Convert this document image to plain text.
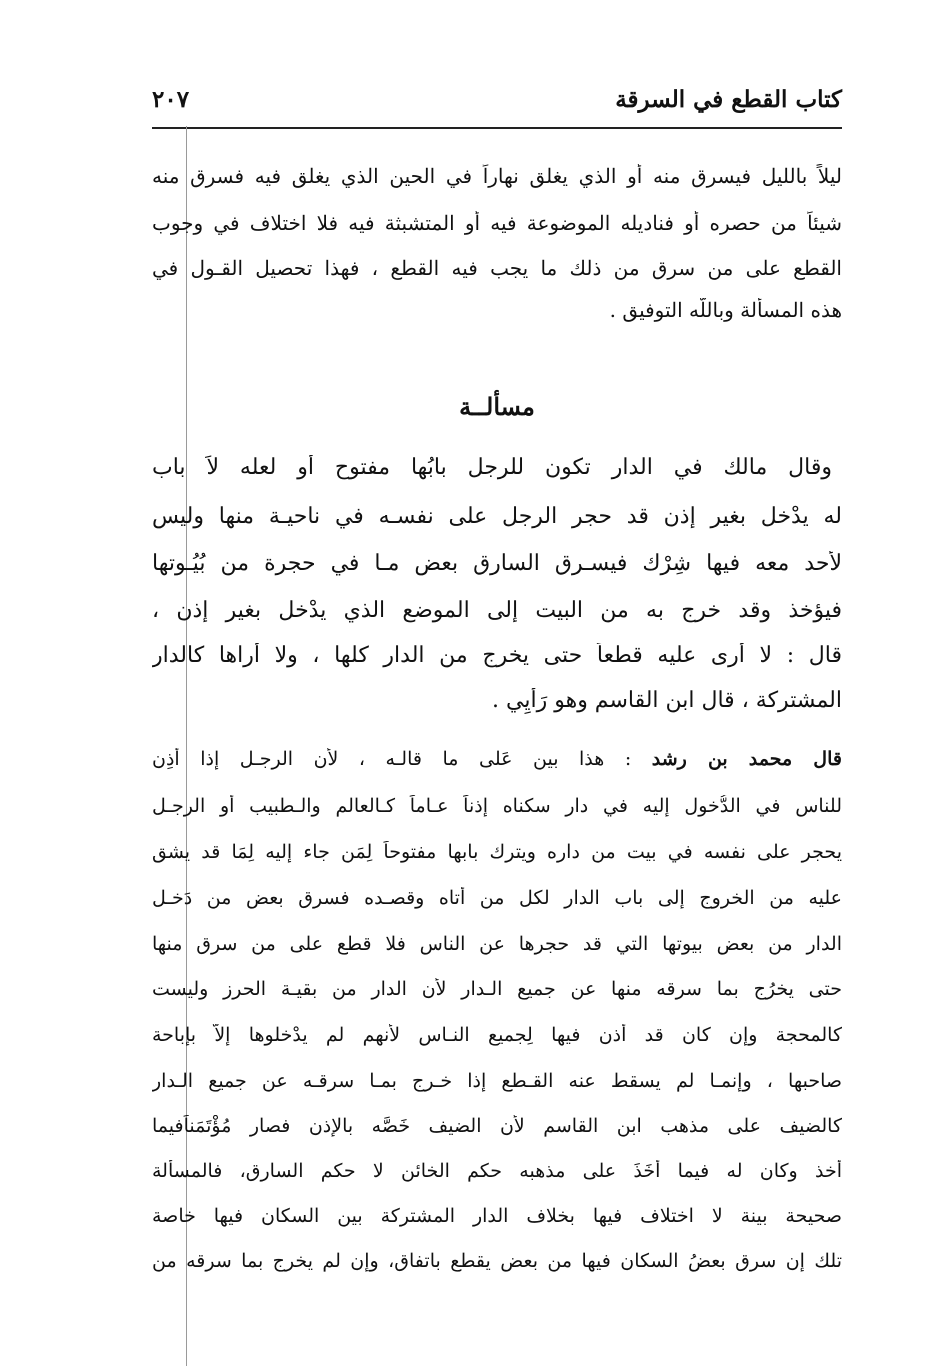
كتاب القطع في السرقة
٢٠٧
ليلاً بالليل فيسرق منه أو الذي يغلق نهاراً في الحين الذي يغلق فيه فسرق منه
شيئاً من حصره أو فناديله الموضوعة فيه أو المتشبثة فيه فلا اختلاف في وجوب
القطع على من سرق من ذلك ما يجب فيه القطع ، فهذا تحصيل القـول في
هذه المسألة وباللّه التوفيق .
مسألــة
وقال مالك في الدار تكون للرجل بابُها مفتوح أو لعله لاَ باب
له يدْخل بغير إذن قد حجر الرجل على نفسـه في ناحيـة منها وليس
لأحد معه فيها شِرْك فيسـرق السارق بعض مـا في حجرة من بُيُـوتها
فيؤخذ وقد خرج به من البيت إلى الموضع الذي يدْخل بغير إذن ،
قال : لا أرى عليه قطعاً حتى يخرج من الدار كلها ، ولا أراها كالدار
المشتركة ، قال ابن القاسم وهو رَأْيِي .
قال محمد بن رشد : هذا بين عَلى ما قالـه ، لأن الرجـل إذا أذِن
للناس في الدُّخول إليه في دار سكناه إذناً عـاماً كـالعالم والـطبيب أو الرجـل
يحجر على نفسه في بيت من داره ويترك بابها مفتوحاً لِمَن جاء إليه لِمَا قد يشق
عليه من الخروج إلى باب الدار لكل من أتاه وقصـده فسرق بعض من دَخـل
الدار من بعض بيوتها التي قد حجرها عن الناس فلا قطع على من سرق منها
حتى يخرُج بما سرقه منها عن جميع الـدار لأن الدار من بقيـة الحرز وليست
كالمحجة وإن كان قد أذن فيها لِجميع النـاس لأنهم لم يدْخلوها إلاّ بإباحة
صاحبها ، وإنمـا لم يسقط عنه القـطع إذا خـرج بمـا سرقـه عن جميع الـدار
كالضيف على مذهب ابن القاسم لأن الضيف خَصَّه بالإذن فصار مُؤْتَمَناًفيما
أخذ وكان له فيما أَخَذَ على مذهبه حكم الخائن لا حكم السارق، فالمسألة
صحيحة بينة لا اختلاف فيها بخلاف الدار المشتركة بين السكان فيها خاصة
تلك إن سرق بعضُ السكان فيها من بعض يقطع باتفاق، وإن لم يخرج بما سرقه من
